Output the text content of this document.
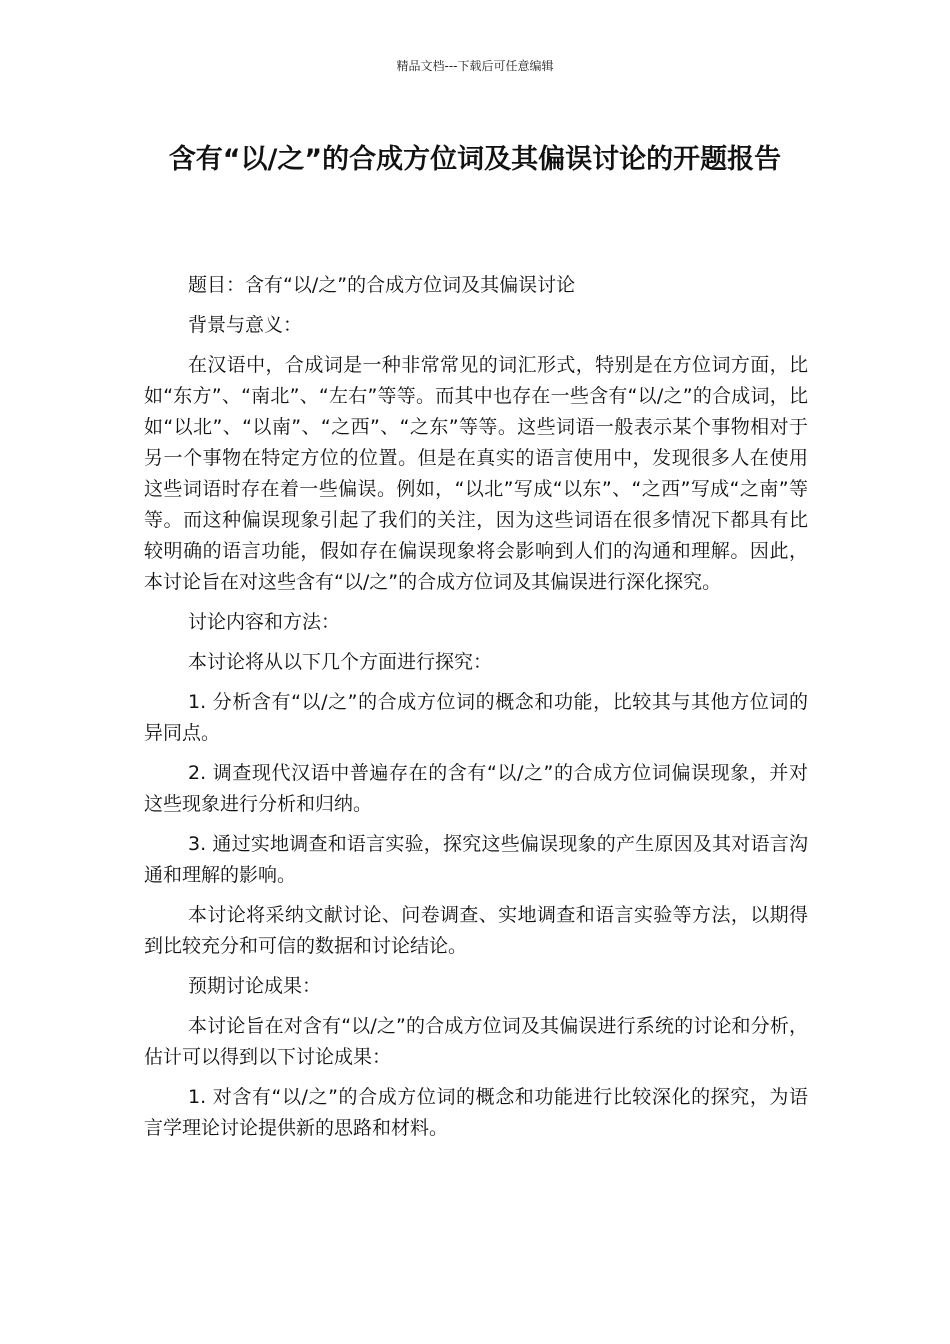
精品文档---下载后可任意编辑
含有“以/之”的合成方位词及其偏误讨论的开题报告

题目：含有“以/之”的合成方位词及其偏误讨论

背景与意义：

在汉语中，合成词是一种非常常见的词汇形式，特别是在方位词方面，比如“东方”、“南北”、“左右”等等。而其中也存在一些含有“以/之”的合成词，比如“以北”、“以南”、“之西”、“之东”等等。这些词语一般表示某个事物相对于另一个事物在特定方位的位置。但是在真实的语言使用中，发现很多人在使用这些词语时存在着一些偏误。例如，“以北”写成“以东”、“之西”写成“之南”等等。而这种偏误现象引起了我们的关注，因为这些词语在很多情况下都具有比较明确的语言功能，假如存在偏误现象将会影响到人们的沟通和理解。因此，本讨论旨在对这些含有“以/之”的合成方位词及其偏误进行深化探究。

讨论内容和方法：

本讨论将从以下几个方面进行探究：

1. 分析含有“以/之”的合成方位词的概念和功能，比较其与其他方位词的异同点。

2. 调查现代汉语中普遍存在的含有“以/之”的合成方位词偏误现象，并对这些现象进行分析和归纳。

3. 通过实地调查和语言实验，探究这些偏误现象的产生原因及其对语言沟通和理解的影响。

本讨论将采纳文献讨论、问卷调查、实地调查和语言实验等方法，以期得到比较充分和可信的数据和讨论结论。

预期讨论成果：

本讨论旨在对含有“以/之”的合成方位词及其偏误进行系统的讨论和分析，估计可以得到以下讨论成果：

1. 对含有“以/之”的合成方位词的概念和功能进行比较深化的探究，为语言学理论讨论提供新的思路和材料。
